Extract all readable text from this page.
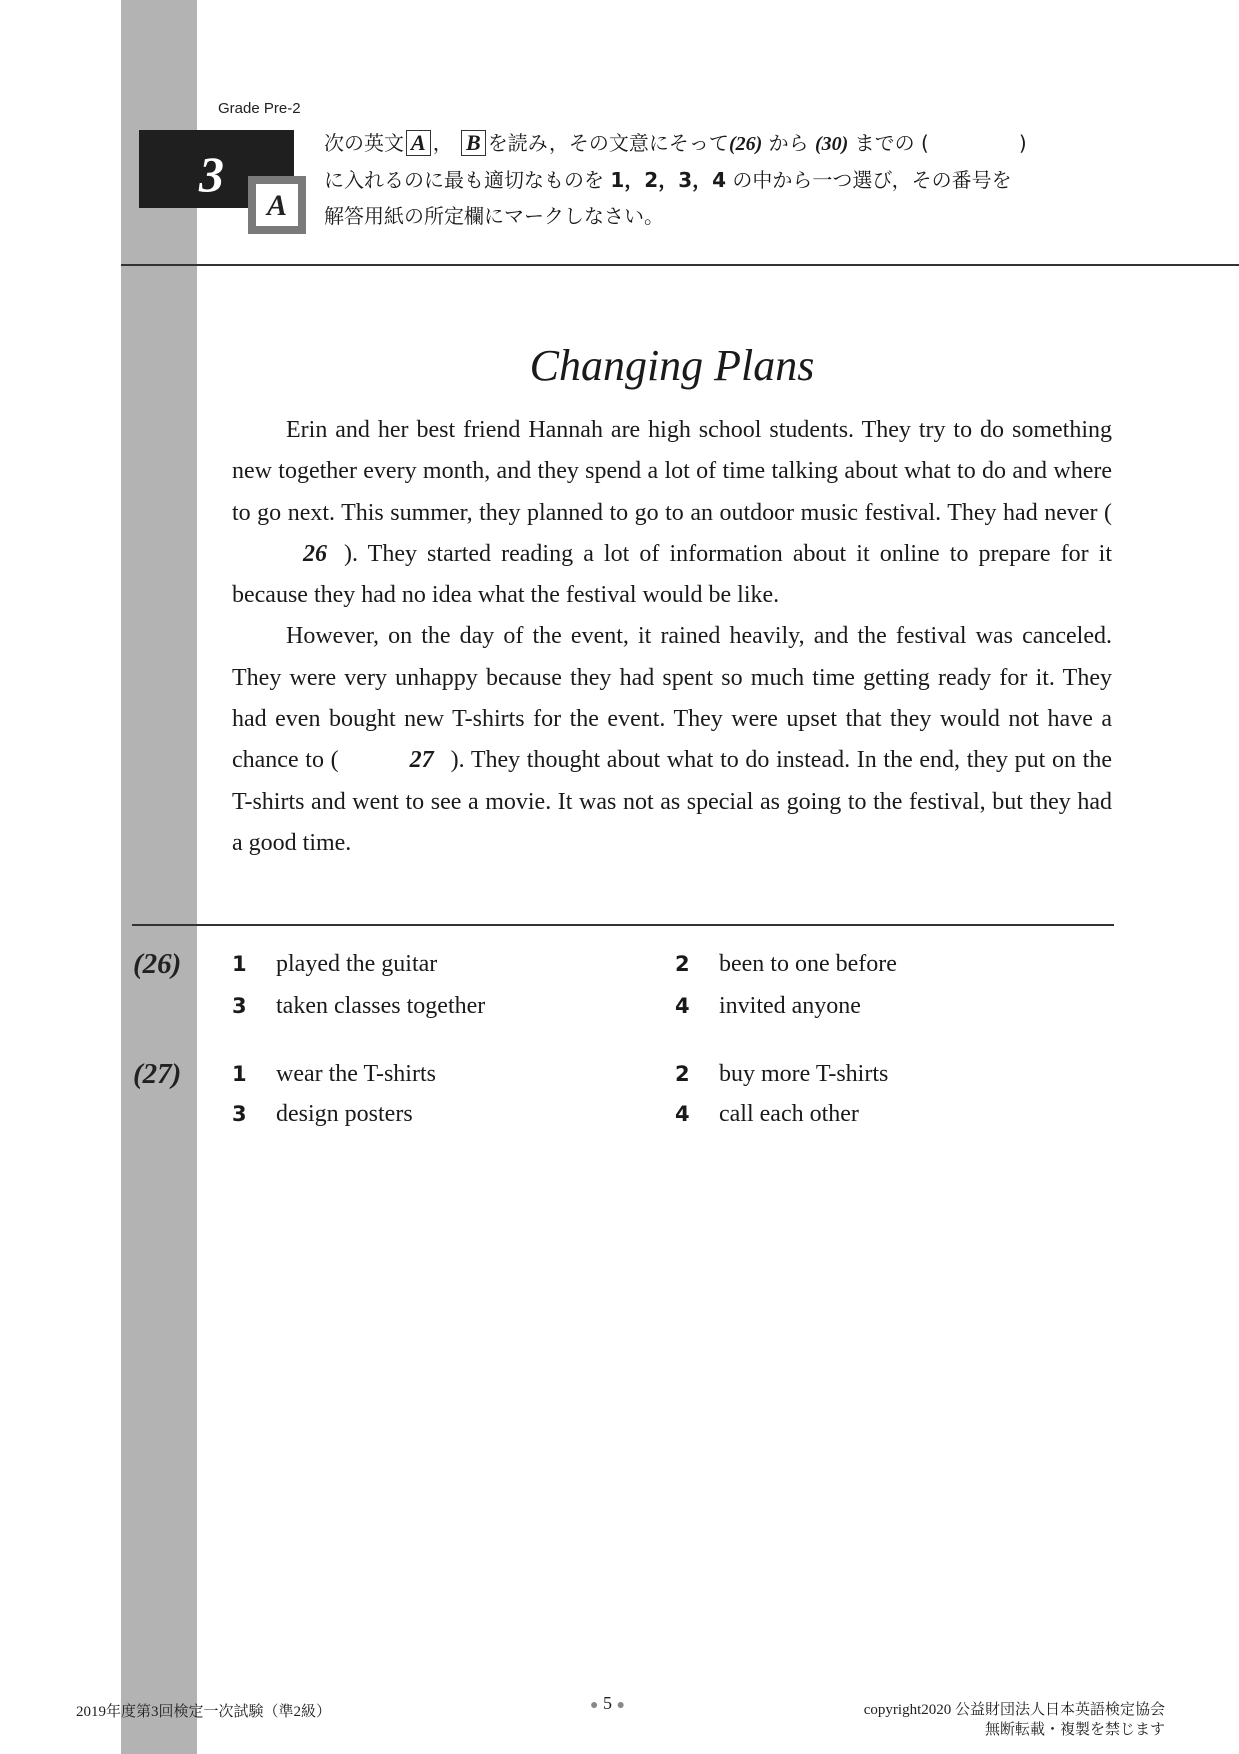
Grade Pre-2
3
A
次の英文 A ， B を読み，その文意にそって(26) から (30) までの (	)
に入れるのに最も適切なものを 1，2，3，4 の中から一つ選び，その番号を
解答用紙の所定欄にマークしなさい。
Changing Plans

Erin and her best friend Hannah are high school students. They try to do something new together every month, and they spend a lot of time talking about what to do and where to go next. This summer, they planned to go to an outdoor music festival. They had never (26 ). They started reading a lot of information about it online to prepare for it because they had no idea what the festival would be like.

However, on the day of the event, it rained heavily, and the festival was canceled. They were very unhappy because they had spent so much time getting ready for it. They had even bought new T-shirts for the event. They were upset that they would not have a chance to (	27 ). They thought about what to do instead. In the end, they put on the T-shirts and went to see a movie. It was not as special as going to the festival, but they had a good time.

(26) 1 played the guitar	2 been to one before
3 taken classes together	4 invited anyone
(27) 1 wear the T-shirts	2 buy more T-shirts
3 design posters	4 call each other
2019年度第3回検定一次試験（準2級）	● 5 ●	copyright2020 公益財団法人日本英語検定協会
無断転載・複製を禁じます
